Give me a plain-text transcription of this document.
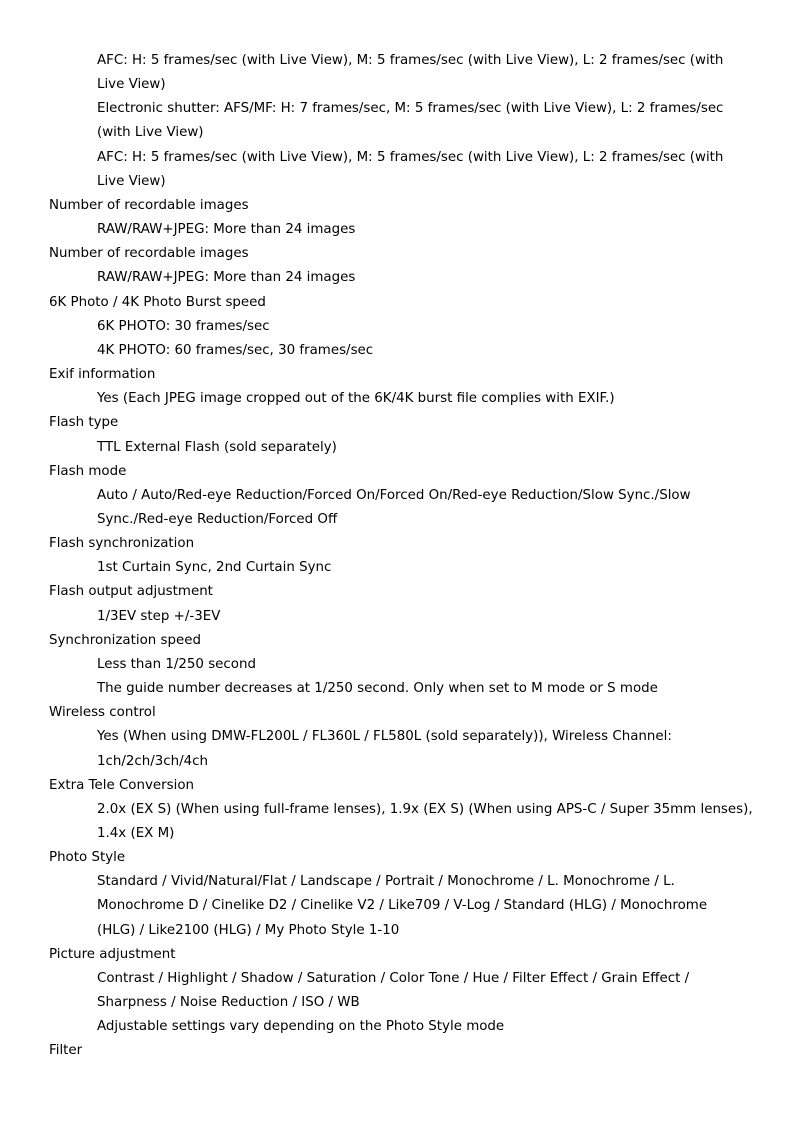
AFC: H: 5 frames/sec (with Live View), M: 5 frames/sec (with Live View), L: 2 frames/sec (with
Live View)
Electronic shutter: AFS/MF: H: 7 frames/sec, M: 5 frames/sec (with Live View), L: 2 frames/sec
(with Live View)
AFC: H: 5 frames/sec (with Live View), M: 5 frames/sec (with Live View), L: 2 frames/sec (with
Live View)
Number of recordable images
RAW/RAW+JPEG: More than 24 images
Number of recordable images
RAW/RAW+JPEG: More than 24 images
6K Photo / 4K Photo Burst speed
6K PHOTO: 30 frames/sec
4K PHOTO: 60 frames/sec, 30 frames/sec
Exif information
Yes (Each JPEG image cropped out of the 6K/4K burst file complies with EXIF.)
Flash type
TTL External Flash (sold separately)
Flash mode
Auto / Auto/Red-eye Reduction/Forced On/Forced On/Red-eye Reduction/Slow Sync./Slow
Sync./Red-eye Reduction/Forced Off
Flash synchronization
1st Curtain Sync, 2nd Curtain Sync
Flash output adjustment
1/3EV step +/-3EV
Synchronization speed
Less than 1/250 second
The guide number decreases at 1/250 second. Only when set to M mode or S mode
Wireless control
Yes (When using DMW-FL200L / FL360L / FL580L (sold separately)), Wireless Channel:
1ch/2ch/3ch/4ch
Extra Tele Conversion
2.0x (EX S) (When using full-frame lenses), 1.9x (EX S) (When using APS-C / Super 35mm lenses),
1.4x (EX M)
Photo Style
Standard / Vivid/Natural/Flat / Landscape / Portrait / Monochrome / L. Monochrome / L.
Monochrome D / Cinelike D2 / Cinelike V2 / Like709 / V-Log / Standard (HLG) / Monochrome
(HLG) / Like2100 (HLG) / My Photo Style 1-10
Picture adjustment
Contrast / Highlight / Shadow / Saturation / Color Tone / Hue / Filter Effect / Grain Effect /
Sharpness / Noise Reduction / ISO / WB
Adjustable settings vary depending on the Photo Style mode
Filter
